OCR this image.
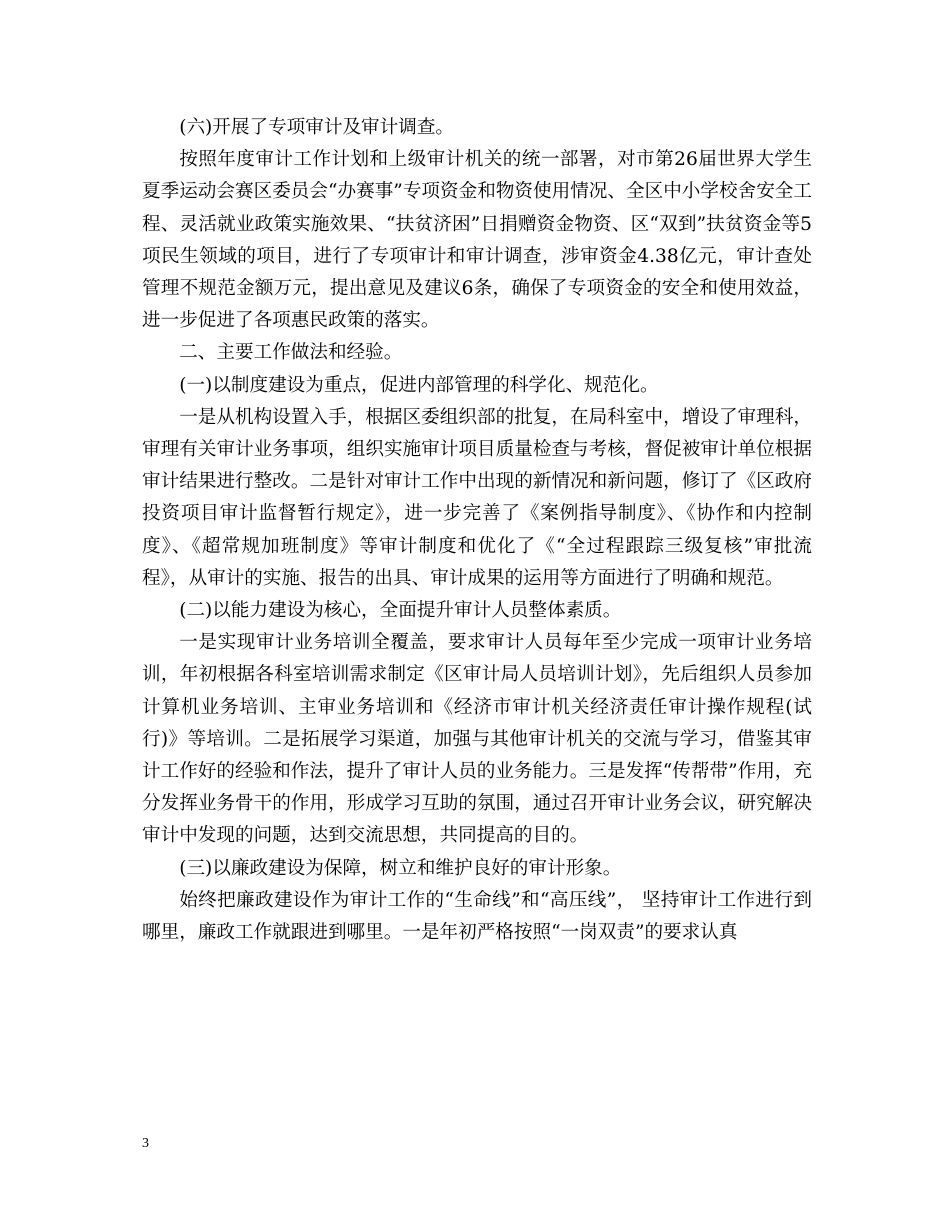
(六)开展了专项审计及审计调查。

按照年度审计工作计划和上级审计机关的统一部署，对市第26届世界大学生夏季运动会赛区委员会“办赛事”专项资金和物资使用情况、全区中小学校舍安全工程、灵活就业政策实施效果、“扶贫济困”日捐赠资金物资、区“双到”扶贫资金等5项民生领域的项目，进行了专项审计和审计调查，涉审资金4.38亿元，审计查处管理不规范金额万元，提出意见及建议6条，确保了专项资金的安全和使用效益，进一步促进了各项惠民政策的落实。

二、主要工作做法和经验。

(一)以制度建设为重点，促进内部管理的科学化、规范化。

一是从机构设置入手，根据区委组织部的批复，在局科室中，增设了审理科，审理有关审计业务事项，组织实施审计项目质量检查与考核，督促被审计单位根据审计结果进行整改。二是针对审计工作中出现的新情况和新问题，修订了《区政府投资项目审计监督暂行规定》，进一步完善了《案例指导制度》、《协作和内控制度》、《超常规加班制度》等审计制度和优化了《“全过程跟踪三级复核”审批流程》，从审计的实施、报告的出具、审计成果的运用等方面进行了明确和规范。

(二)以能力建设为核心，全面提升审计人员整体素质。

一是实现审计业务培训全覆盖，要求审计人员每年至少完成一项审计业务培训，年初根据各科室培训需求制定《区审计局人员培训计划》，先后组织人员参加计算机业务培训、主审业务培训和《经济市审计机关经济责任审计操作规程(试行)》等培训。二是拓展学习渠道，加强与其他审计机关的交流与学习，借鉴其审计工作好的经验和作法，提升了审计人员的业务能力。三是发挥“传帮带”作用，充分发挥业务骨干的作用，形成学习互助的氛围，通过召开审计业务会议，研究解决审计中发现的问题，达到交流思想，共同提高的目的。

(三)以廉政建设为保障，树立和维护良好的审计形象。

始终把廉政建设作为审计工作的“生命线”和“高压线”， 坚持审计工作进行到哪里，廉政工作就跟进到哪里。一是年初严格按照“一岗双责”的要求认真

3
